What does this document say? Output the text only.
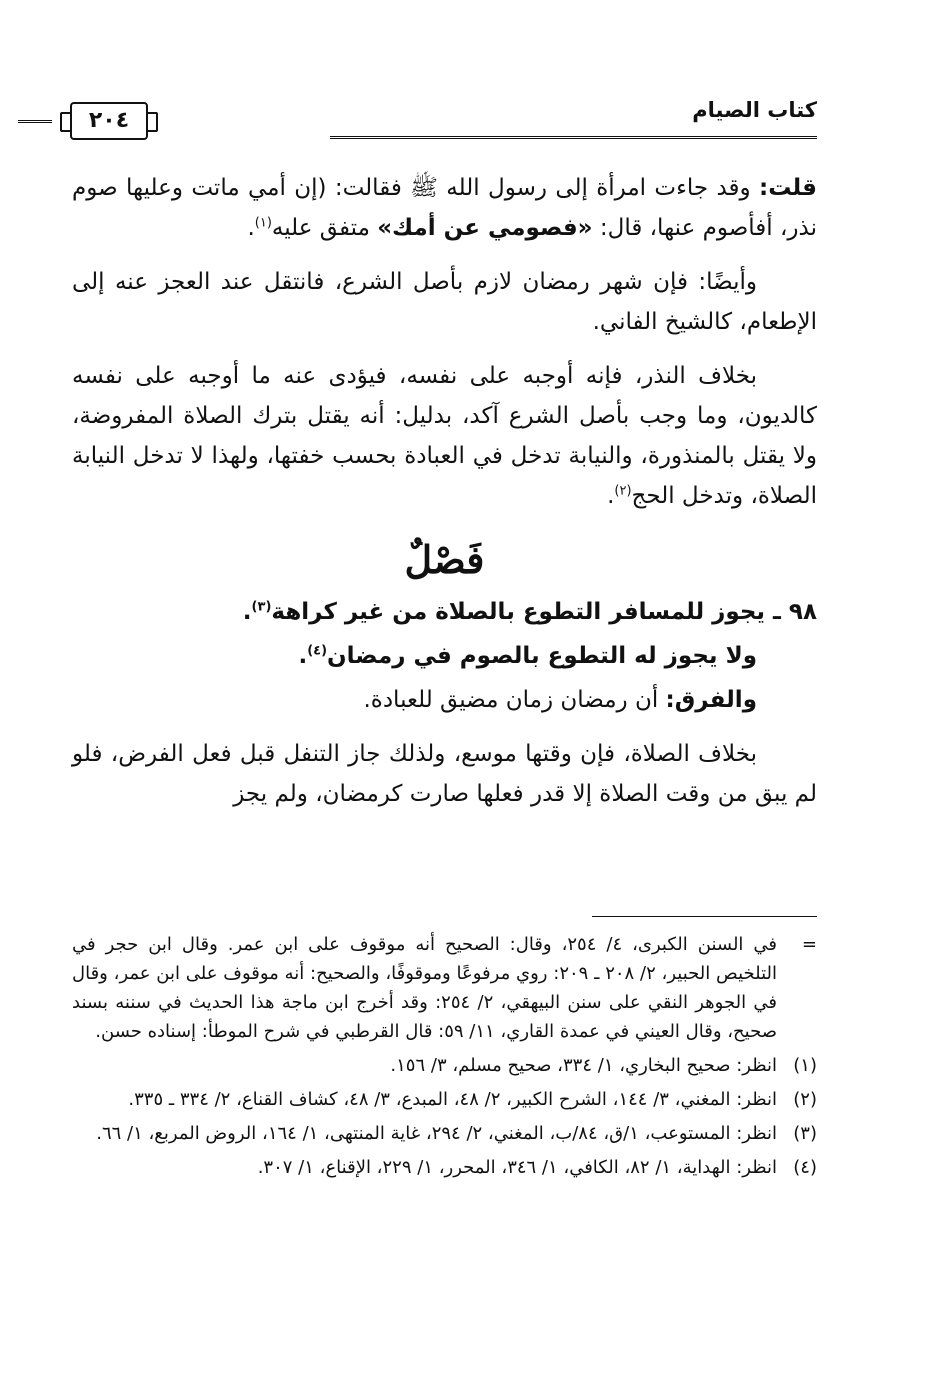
كتاب الصيام
٢٠٤

قلت: وقد جاءت امرأة إلى رسول الله ﷺ فقالت: (إن أمي ماتت وعليها صوم نذر، أفأصوم عنها، قال: «فصومي عن أمك» متفق عليه$^{(١)}$.

وأيضًا: فإن شهر رمضان لازم بأصل الشرع، فانتقل عند العجز عنه إلى الإطعام، كالشيخ الفاني.

بخلاف النذر، فإنه أوجبه على نفسه، فيؤدى عنه ما أوجبه على نفسه كالديون، وما وجب بأصل الشرع آكد، بدليل: أنه يقتل بترك الصلاة المفروضة، ولا يقتل بالمنذورة، والنيابة تدخل في العبادة بحسب خفتها، ولهذا لا تدخل النيابة الصلاة، وتدخل الحج$^{(٢)}$.

فَصْلٌ
٩٨ ـ يجوز للمسافر التطوع بالصلاة من غير كراهة$^{(٣)}$.
ولا يجوز له التطوع بالصوم في رمضان$^{(٤)}$.
والفرق: أن رمضان زمان مضيق للعبادة.

بخلاف الصلاة، فإن وقتها موسع، ولذلك جاز التنفل قبل فعل الفرض، فلو لم يبق من وقت الصلاة إلا قدر فعلها صارت كرمضان، ولم يجز

=
في السنن الكبرى، ٤/ ٢٥٤، وقال: الصحيح أنه موقوف على ابن عمر. وقال ابن حجر في التلخيص الحبير، ٢/ ٢٠٨ ـ ٢٠٩: روي مرفوعًا وموقوفًا، والصحيح: أنه موقوف على ابن عمر، وقال في الجوهر النقي على سنن البيهقي، ٢/ ٢٥٤: وقد أخرج ابن ماجة هذا الحديث في سننه بسند صحيح، وقال العيني في عمدة القاري، ١١/ ٥٩: قال القرطبي في شرح الموطأ: إسناده حسن.
(١)
انظر: صحيح البخاري، ١/ ٣٣٤، صحيح مسلم، ٣/ ١٥٦.
(٢)
انظر: المغني، ٣/ ١٤٤، الشرح الكبير، ٢/ ٤٨، المبدع، ٣/ ٤٨، كشاف القناع، ٢/ ٣٣٤ ـ ٣٣٥.
(٣)
انظر: المستوعب، ١/ق، ٨٤/ب، المغني، ٢/ ٢٩٤، غاية المنتهى، ١/ ١٦٤، الروض المربع، ١/ ٦٦.
(٤)
انظر: الهداية، ١/ ٨٢، الكافي، ١/ ٣٤٦، المحرر، ١/ ٢٢٩، الإقناع، ١/ ٣٠٧.
